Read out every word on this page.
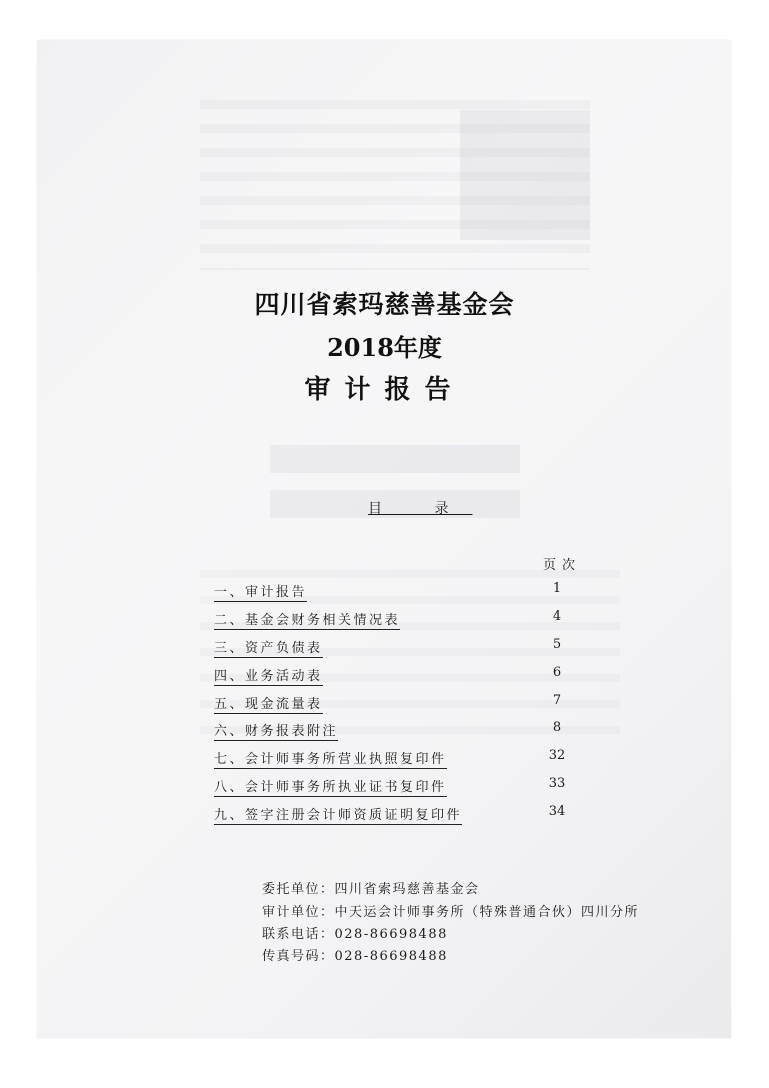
四川省索玛慈善基金会
2018年度
审计报告
目 录
页次
一、审计报告	1
二、基金会财务相关情况表	4
三、资产负债表	5
四、业务活动表	6
五、现金流量表	7
六、财务报表附注	8
七、会计师事务所营业执照复印件	32
八、会计师事务所执业证书复印件	33
九、签字注册会计师资质证明复印件	34
委托单位：四川省索玛慈善基金会
审计单位：中天运会计师事务所（特殊普通合伙）四川分所
联系电话：028-86698488
传真号码：028-86698488
